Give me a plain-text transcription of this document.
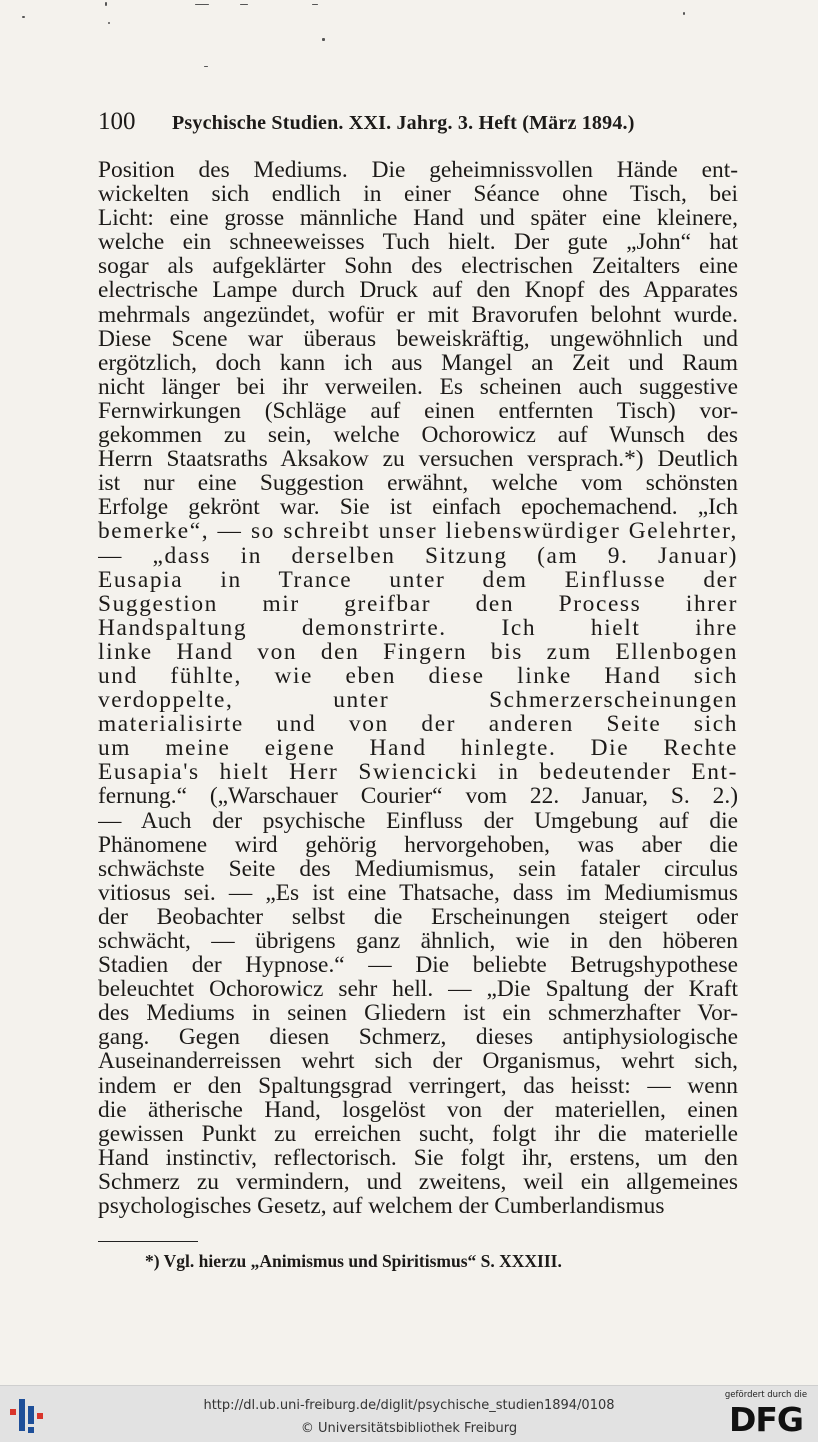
100 Psychische Studien. XXI. Jahrg. 3. Heft (März 1894.)
Position des Mediums. Die geheimnissvollen Hände ent-
wickelten sich endlich in einer Séance ohne Tisch, bei
Licht: eine grosse männliche Hand und später eine kleinere,
welche ein schneeweisses Tuch hielt. Der gute „John“ hat
sogar als aufgeklärter Sohn des electrischen Zeitalters eine
electrische Lampe durch Druck auf den Knopf des Apparates
mehrmals angezündet, wofür er mit Bravorufen belohnt wurde.
Diese Scene war überaus beweiskräftig, ungewöhnlich und
ergötzlich, doch kann ich aus Mangel an Zeit und Raum
nicht länger bei ihr verweilen. Es scheinen auch suggestive
Fernwirkungen (Schläge auf einen entfernten Tisch) vor-
gekommen zu sein, welche Ochorowicz auf Wunsch des
Herrn Staatsraths Aksakow zu versuchen versprach.*) Deutlich
ist nur eine Suggestion erwähnt, welche vom schönsten
Erfolge gekrönt war. Sie ist einfach epochemachend. „Ich
bemerke“, — so schreibt unser liebenswürdiger Gelehrter,
— „dass in derselben Sitzung (am 9. Januar)
Eusapia in Trance unter dem Einflusse der
Suggestion mir greifbar den Process ihrer
Handspaltung demonstrirte. Ich hielt ihre
linke Hand von den Fingern bis zum Ellenbogen
und fühlte, wie eben diese linke Hand sich
verdoppelte, unter Schmerzerscheinungen
materialisirte und von der anderen Seite sich
um meine eigene Hand hinlegte. Die Rechte
Eusapia's hielt Herr Swiencicki in bedeutender Ent-
fernung.“ („Warschauer Courier“ vom 22. Januar, S. 2.)
— Auch der psychische Einfluss der Umgebung auf die
Phänomene wird gehörig hervorgehoben, was aber die
schwächste Seite des Mediumismus, sein fataler circulus
vitiosus sei. — „Es ist eine Thatsache, dass im Mediumismus
der Beobachter selbst die Erscheinungen steigert oder
schwächt, — übrigens ganz ähnlich, wie in den höberen
Stadien der Hypnose.“ — Die beliebte Betrugshypothese
beleuchtet Ochorowicz sehr hell. — „Die Spaltung der Kraft
des Mediums in seinen Gliedern ist ein schmerzhafter Vor-
gang. Gegen diesen Schmerz, dieses antiphysiologische
Auseinanderreissen wehrt sich der Organismus, wehrt sich,
indem er den Spaltungsgrad verringert, das heisst: — wenn
die ätherische Hand, losgelöst von der materiellen, einen
gewissen Punkt zu erreichen sucht, folgt ihr die materielle
Hand instinctiv, reflectorisch. Sie folgt ihr, erstens, um den
Schmerz zu vermindern, und zweitens, weil ein allgemeines
psychologisches Gesetz, auf welchem der Cumberlandismus
*) Vgl. hierzu „Animismus und Spiritismus“ S. XXXIII.
http://dl.ub.uni-freiburg.de/diglit/psychische_studien1894/0108
© Universitätsbibliothek Freiburg
gefördert durch die
DFG
